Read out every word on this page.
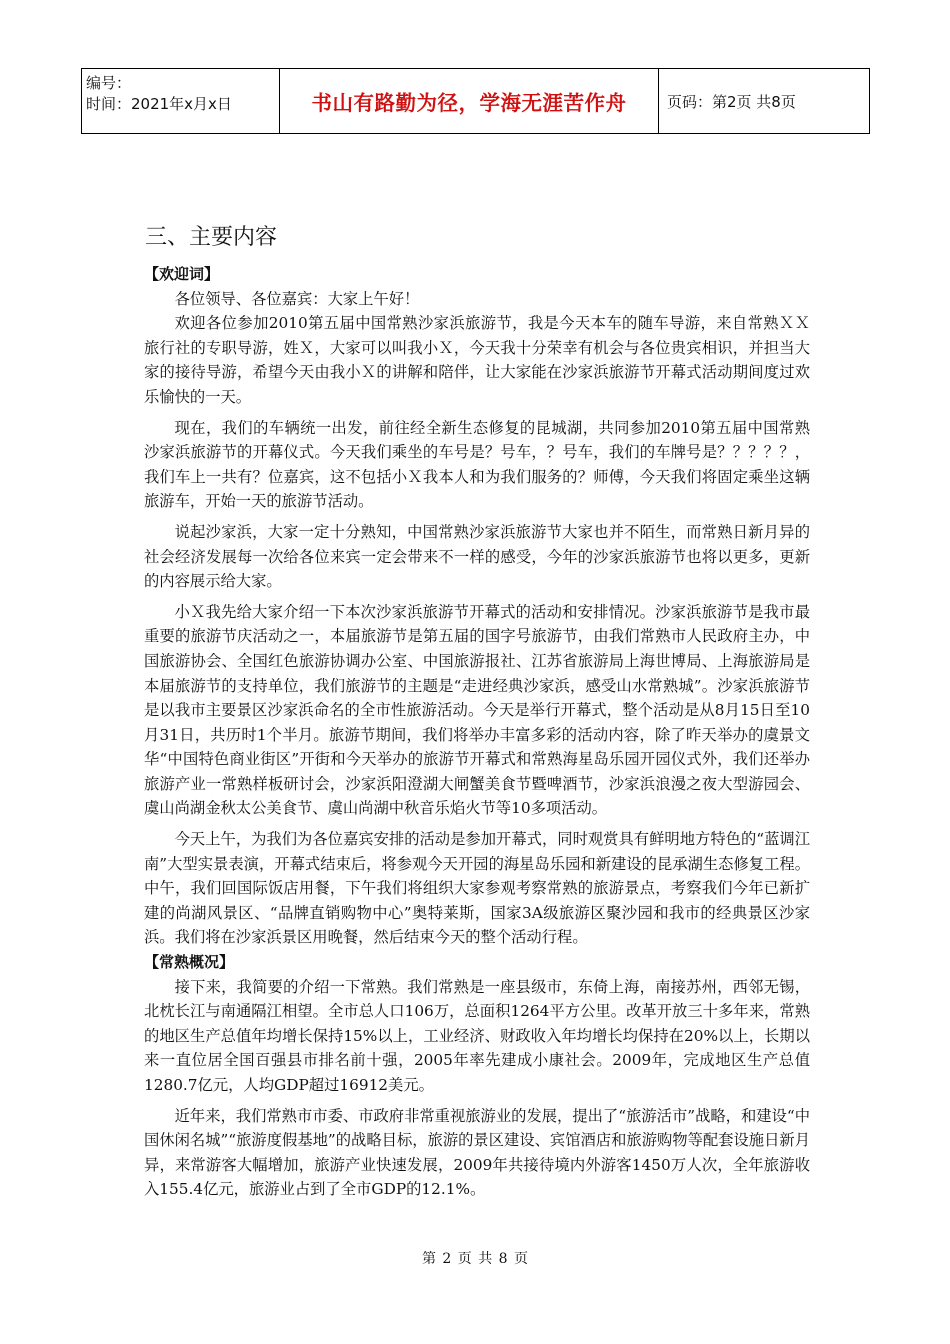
编号：
时间：2021年x月x日	书山有路勤为径，学海无涯苦作舟	页码：第2页 共8页
三、主要内容
【欢迎词】

各位领导、各位嘉宾：大家上午好！

欢迎各位参加2010第五届中国常熟沙家浜旅游节，我是今天本车的随车导游，来自常熟ＸＸ旅行社的专职导游，姓Ｘ，大家可以叫我小Ｘ，今天我十分荣幸有机会与各位贵宾相识，并担当大家的接待导游，希望今天由我小Ｘ的讲解和陪伴，让大家能在沙家浜旅游节开幕式活动期间度过欢乐愉快的一天。

现在，我们的车辆统一出发，前往经全新生态修复的昆城湖，共同参加2010第五届中国常熟沙家浜旅游节的开幕仪式。今天我们乘坐的车号是？号车，？号车，我们的车牌号是？？？？？，我们车上一共有？位嘉宾，这不包括小Ｘ我本人和为我们服务的？师傅，今天我们将固定乘坐这辆旅游车，开始一天的旅游节活动。

说起沙家浜，大家一定十分熟知，中国常熟沙家浜旅游节大家也并不陌生，而常熟日新月异的社会经济发展每一次给各位来宾一定会带来不一样的感受，今年的沙家浜旅游节也将以更多，更新的内容展示给大家。

小Ｘ我先给大家介绍一下本次沙家浜旅游节开幕式的活动和安排情况。沙家浜旅游节是我市最重要的旅游节庆活动之一，本届旅游节是第五届的国字号旅游节，由我们常熟市人民政府主办，中国旅游协会、全国红色旅游协调办公室、中国旅游报社、江苏省旅游局上海世博局、上海旅游局是本届旅游节的支持单位，我们旅游节的主题是“走进经典沙家浜，感受山水常熟城”。沙家浜旅游节是以我市主要景区沙家浜命名的全市性旅游活动。今天是举行开幕式，整个活动是从8月15日至10月31日，共历时1个半月。旅游节期间，我们将举办丰富多彩的活动内容，除了昨天举办的虞景文华“中国特色商业街区”开街和今天举办的旅游节开幕式和常熟海星岛乐园开园仪式外，我们还举办旅游产业一常熟样板研讨会，沙家浜阳澄湖大闸蟹美食节暨啤酒节，沙家浜浪漫之夜大型游园会、虞山尚湖金秋太公美食节、虞山尚湖中秋音乐焰火节等10多项活动。

今天上午，为我们为各位嘉宾安排的活动是参加开幕式，同时观赏具有鲜明地方特色的“蓝调江南”大型实景表演，开幕式结束后，将参观今天开园的海星岛乐园和新建设的昆承湖生态修复工程。中午，我们回国际饭店用餐，下午我们将组织大家参观考察常熟的旅游景点，考察我们今年已新扩建的尚湖风景区、“品牌直销购物中心”奥特莱斯，国家3A级旅游区聚沙园和我市的经典景区沙家浜。我们将在沙家浜景区用晚餐，然后结束今天的整个活动行程。

【常熟概况】

接下来，我简要的介绍一下常熟。我们常熟是一座县级市，东倚上海，南接苏州，西邻无锡，北枕长江与南通隔江相望。全市总人口106万，总面积1264平方公里。改革开放三十多年来，常熟的地区生产总值年均增长保持15%以上，工业经济、财政收入年均增长均保持在20%以上，长期以来一直位居全国百强县市排名前十强，2005年率先建成小康社会。2009年，完成地区生产总值1280.7亿元，人均GDP超过16912美元。

近年来，我们常熟市市委、市政府非常重视旅游业的发展，提出了“旅游活市”战略，和建设“中国休闲名城”“旅游度假基地”的战略目标，旅游的景区建设、宾馆酒店和旅游购物等配套设施日新月异，来常游客大幅增加，旅游产业快速发展，2009年共接待境内外游客1450万人次，全年旅游收入155.4亿元，旅游业占到了全市GDP的12.1%。

第 2 页 共 8 页
